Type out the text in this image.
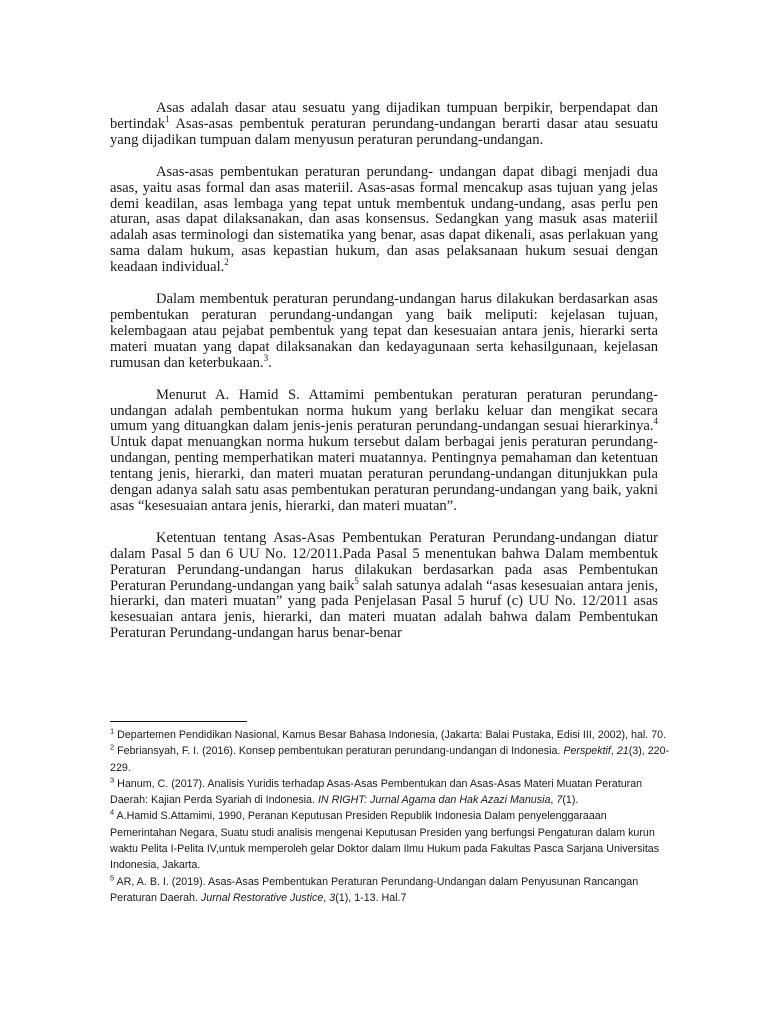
Asas adalah dasar atau sesuatu yang dijadikan tumpuan berpikir, berpendapat dan bertindak$^1$ Asas-asas pembentuk peraturan perundang-undangan berarti dasar atau sesuatu yang dijadikan tumpuan dalam menyusun peraturan perundang-undangan.

Asas-asas pembentukan peraturan perundang- undangan dapat dibagi menjadi dua asas, yaitu asas formal dan asas materiil. Asas-asas formal mencakup asas tujuan yang jelas demi keadilan, asas lembaga yang tepat untuk membentuk undang-undang, asas perlu pen aturan, asas dapat dilaksanakan, dan asas konsensus. Sedangkan yang masuk asas materiil adalah asas terminologi dan sistematika yang benar, asas dapat dikenali, asas perlakuan yang sama dalam hukum, asas kepastian hukum, dan asas pelaksanaan hukum sesuai dengan keadaan individual.$^2$

Dalam membentuk peraturan perundang-undangan harus dilakukan berdasarkan asas pembentukan peraturan perundang-undangan yang baik meliputi: kejelasan tujuan, kelembagaan atau pejabat pembentuk yang tepat dan kesesuaian antara jenis, hierarki serta materi muatan yang dapat dilaksanakan dan kedayagunaan serta kehasilgunaan, kejelasan rumusan dan keterbukaan.$^3$.

Menurut A. Hamid S. Attamimi pembentukan peraturan peraturan perundang-undangan adalah pembentukan norma hukum yang berlaku keluar dan mengikat secara umum yang dituangkan dalam jenis-jenis peraturan perundang-undangan sesuai hierarkinya.$^4$ Untuk dapat menuangkan norma hukum tersebut dalam berbagai jenis peraturan perundang-undangan, penting memperhatikan materi muatannya. Pentingnya pemahaman dan ketentuan tentang jenis, hierarki, dan materi muatan peraturan perundang-undangan ditunjukkan pula dengan adanya salah satu asas pembentukan peraturan perundang-undangan yang baik, yakni asas “kesesuaian antara jenis, hierarki, dan materi muatan”.

Ketentuan tentang Asas-Asas Pembentukan Peraturan Perundang-undangan diatur dalam Pasal 5 dan 6 UU No. 12/2011.Pada Pasal 5 menentukan bahwa Dalam membentuk Peraturan Perundang-undangan harus dilakukan berdasarkan pada asas Pembentukan Peraturan Perundang-undangan yang baik$^5$ salah satunya adalah “asas kesesuaian antara jenis, hierarki, dan materi muatan” yang pada Penjelasan Pasal 5 huruf (c) UU No. 12/2011 asas kesesuaian antara jenis, hierarki, dan materi muatan adalah bahwa dalam Pembentukan Peraturan Perundang-undangan harus benar-benar

$^1$ Departemen Pendidikan Nasional, Kamus Besar Bahasa Indonesia, (Jakarta: Balai Pustaka, Edisi III, 2002), hal. 70.

$^2$ Febriansyah, F. I. (2016). Konsep pembentukan peraturan perundang-undangan di Indonesia. Perspektif, 21(3), 220-229.

$^3$ Hanum, C. (2017). Analisis Yuridis terhadap Asas-Asas Pembentukan dan Asas-Asas Materi Muatan Peraturan Daerah: Kajian Perda Syariah di Indonesia. IN RIGHT: Jurnal Agama dan Hak Azazi Manusia, 7(1).

$^4$ A.Hamid S.Attamimi, 1990, Peranan Keputusan Presiden Republik Indonesia Dalam penyelenggaraaan Pemerintahan Negara, Suatu studi analisis mengenai Keputusan Presiden yang berfungsi Pengaturan dalam kurun waktu Pelita I-Pelita IV,untuk memperoleh gelar Doktor dalam Ilmu Hukum pada Fakultas Pasca Sarjana Universitas Indonesia, Jakarta.

$^5$ AR, A. B. I. (2019). Asas-Asas Pembentukan Peraturan Perundang-Undangan dalam Penyusunan Rancangan Peraturan Daerah. Jurnal Restorative Justice, 3(1), 1-13. Hal.7
